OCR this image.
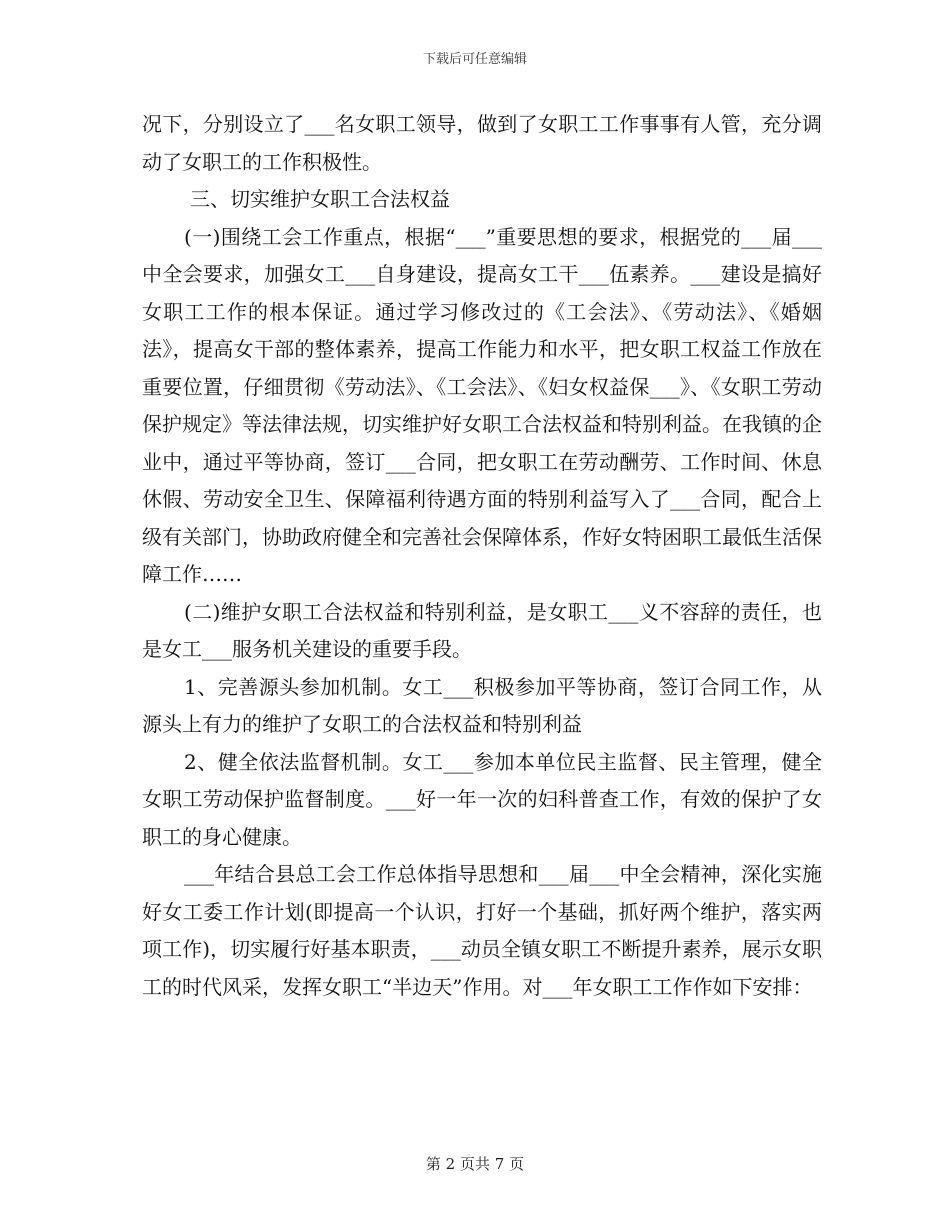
下载后可任意编辑

况下，分别设立了___名女职工领导，做到了女职工工作事事有人管，充分调动了女职工的工作积极性。

三、切实维护女职工合法权益

(一)围绕工会工作重点，根据“___”重要思想的要求，根据党的___届___中全会要求，加强女工___自身建设，提高女工干___伍素养。___建设是搞好女职工工作的根本保证。通过学习修改过的《工会法》、《劳动法》、《婚姻法》，提高女干部的整体素养，提高工作能力和水平，把女职工权益工作放在重要位置，仔细贯彻《劳动法》、《工会法》、《妇女权益保___》、《女职工劳动保护规定》等法律法规，切实维护好女职工合法权益和特别利益。在我镇的企业中，通过平等协商，签订___合同，把女职工在劳动酬劳、工作时间、休息休假、劳动安全卫生、保障福利待遇方面的特别利益写入了___合同，配合上级有关部门，协助政府健全和完善社会保障体系，作好女特困职工最低生活保障工作……

(二)维护女职工合法权益和特别利益，是女职工___义不容辞的责任，也是女工___服务机关建设的重要手段。

1、完善源头参加机制。女工___积极参加平等协商，签订合同工作，从源头上有力的维护了女职工的合法权益和特别利益

2、健全依法监督机制。女工___参加本单位民主监督、民主管理，健全女职工劳动保护监督制度。___好一年一次的妇科普查工作，有效的保护了女职工的身心健康。

___年结合县总工会工作总体指导思想和___届___中全会精神，深化实施好女工委工作计划(即提高一个认识，打好一个基础，抓好两个维护，落实两项工作)，切实履行好基本职责，___动员全镇女职工不断提升素养，展示女职工的时代风采，发挥女职工“半边天”作用。对___年女职工工作作如下安排：

第 2 页共 7 页
